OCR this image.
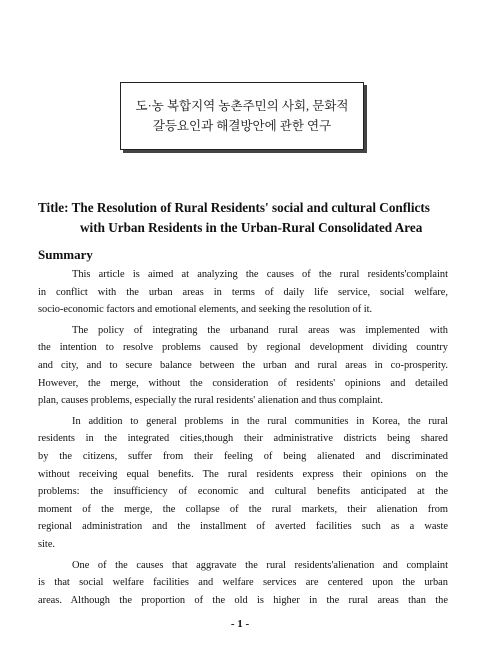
도·농 복합지역 농촌주민의 사회, 문화적
갈등요인과 해결방안에 관한 연구
Title: The Resolution of Rural Residents' social and cultural Conflicts
with Urban Residents in the Urban-Rural Consolidated Area
Summary
This article is aimed at analyzing the causes of the rural residents'complaint
in conflict with the urban areas in terms of daily life service, social welfare,
socio-economic factors and emotional elements, and seeking the resolution of it.
The policy of integrating the urbanand rural areas was implemented with
the intention to resolve problems caused by regional development dividing country
and city, and to secure balance between the urban and rural areas in co-prosperity.
However, the merge, without the consideration of residents' opinions and detailed
plan, causes problems, especially the rural residents' alienation and thus complaint.
In addition to general problems in the rural communities in Korea, the rural
residents in the integrated cities,though their administrative districts being shared
by the citizens, suffer from their feeling of being alienated and discriminated
without receiving equal benefits. The rural residents express their opinions on the
problems: the insufficiency of economic and cultural benefits anticipated at the
moment of the merge, the collapse of the rural markets, their alienation from
regional administration and the installment of averted facilities such as a waste
site.
One of the causes that aggravate the rural residents'alienation and complaint
is that social welfare facilities and welfare services are centered upon the urban
areas. Although the proportion of the old is higher in the rural areas than the
- 1 -
